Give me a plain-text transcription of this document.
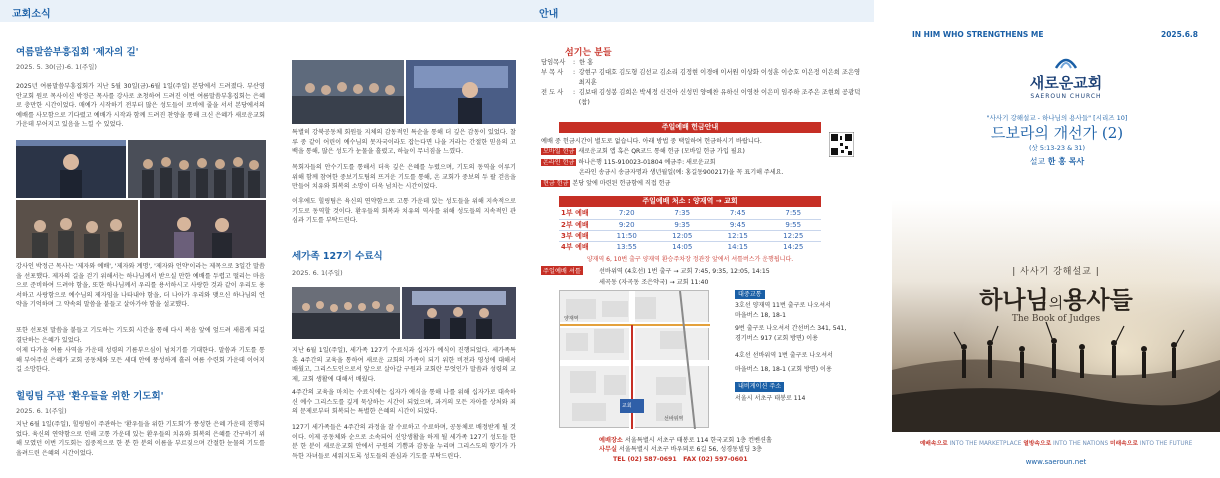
교회소식
여름말씀부흥집회 '제자의 길'
2025. 5. 30(금)-6. 1(주일)
2025년 여름말씀부흥집회가 지난 5월 30일(금)-6월 1일(주일) 본당에서 드려졌다. 부산영안교회 원로 목사이신 박정근 목사를 강사로 초청하여 드려진 이번 여름말씀부흥집회는 은혜로 충만한 시간이었다. 매예가 시작하기 전부터 많은 성도들이 로비에 줄을 서서 본당에서의 예배를 사모함으로 기다렸고 예배가 시작과 함께 드려진 찬양을 통해 크신 은혜가 새로운교회 가운데 부어지고 있음을 느낄 수 있었다.
강사인 박정근 목사는 '제자와 예배', '제자와 계명', '제자와 언약'이라는 제목으로 3일간 말씀을 선포했다. 제자의 길을 걷기 위해서는 하나님께서 받으실 만한 예배를 두렵고 떨리는 마음으로 준비하여 드려야 함을, 또한 하나님께서 우리를 용서하시고 사랑한 것과 같이 우리도 용서하고 사랑함으로 예수님의 제자임을 나타내야 함을, 더 나아가 우리와 맺으신 하나님의 언약을 기억하며 그 약속의 말씀을 붙들고 살아가야 함을 설교했다.
또한 선포된 말씀을 붙들고 기도하는 기도회 시간을 통해 다시 복음 앞에 엎드려 새롭게 되길 결단하는 은혜가 있었다.
이제 다가올 여름 사역을 가운데 성령의 기름부으심이 넘치기를 기대한다. 말씀과 기도를 통해 부어주신 은혜가 교회 공동체와 모든 세대 안에 풍성하게 흘러 여름 수련회 가운데 이어지길 소망한다.
힐링팀 주관 '환우들을 위한 기도회'
2025. 6. 1(주일)
지난 6월 1일(주일), 힐링팀이 주관하는 '환우들을 위한 기도회'가 풍성한 은혜 가운데 진행되었다. 육신의 연약함으로 인해 고통 가운데 있는 환우들의 치유와 회복의 은혜를 간구하기 위해 모였던 이번 기도회는 집중적으로 한 분 한 분의 이름을 부르짖으며 간절한 눈물의 기도를 올려드린 은혜의 시간이었다.
특별히 강북공동체 회원들 지체의 감동적인 특순을 통해 더 깊은 감동이 있었다. 찰루 중 같이 어린이 예수님의 못자국이라도 잡는다면 나을 거라는 간절한 믿음의 고백을 통해, 많은 성도가 눈물을 흘렸고, 하늘이 무너짐을 느꼈다.
목회자들의 안수기도를 통해서 더욱 깊은 은혜를 누렸으며, 기도의 동역을 이루기 위해 함께 참여한 중보기도팀의 뜨거운 기도를 통해, 온 교회가 중보의 두 팔 걷음을 만들어 치유와 회복의 소망이 더욱 넘치는 시간이었다.
이후에도 힐링팀은 육신의 연약함으로 고통 가운데 있는 성도들을 위해 지속적으로 기도로 동역할 것이다. 환우들의 회복과 치유의 역사를 위해 성도들의 지속적인 관심과 기도를 부탁드린다.
세가족 127기 수료식
2025. 6. 1(주일)
지난 6월 1일(주일), 세가족 127기 수료식과 십자가 예식이 진행되었다. 세가족특훈 4주간의 교육을 통하여 새로운 교회의 가족이 되기 위한 비전과 영성에 대해서 배웠고, 그리스도인으로서 앞으로 살아갈 구원과 교회란 무엇인가 말씀과 성령의 교제, 교회 생활에 대해서 배웠다.
4주간의 교육을 마치는 수료식에는 십자가 예식을 통해 나를 위해 십자가로 대속하신 예수 그리스도를 깊게 묵상하는 시간이 되었으며, 과거의 모든 자아를 상처와 죄의 문제로부터 회복되는 특별한 은혜의 시간이 되었다.
127기 세가족들은 4주간의 과정을 잘 수료하고 수료하며, 공동체로 배정받게 될 것이다. 이제 공동체와 순으로 소속되어 신앙생활을 하게 될 세가족 127기 성도들 한 분 한 분이 새로운교회 안에서 구원의 기쁨과 감동을 누리며 그리스도의 향기가 가득한 자녀들로 세워지도록 성도들의 관심과 기도를 부탁드린다.
안내
섬기는 분들
담임목사	: 한 홍
부 목 사	: 강현구 김대호 김도형 김선교 김소리 김정현 이경애 이서원 이상화 이성훈 이승호 이은정 이은희 조은영 최지훈
전 도 사	: 김보대 김성봉 김희은 박세정 신건아 신성민 양예찬 유하신 이영찬 이은미 임주하 조주은 조현희 공광덕(참)
주일예배 헌금안내
예배 중 헌금시간이 별도로 없습니다. 아래 방법 중 택일하여 헌금하시기 바랍니다.
모바일 헌금 새로운교회 앱 혹은 QR코드 통해 헌금 (모바일 헌금 가입 필요)
온라인 헌금 하나은행 115-910023-01804 예금주: 새로운교회
온라인 송금시 송금자명과 생년월일(예: 홍길동900217)을 꼭 표기해 주세요.
현금 헌금 본당 앞에 마련된 헌금함에 직접 헌금
주일예배 처소 : 양재역 → 교회
1부 예배	7:20	7:35	7:45	7:55
2부 예배	9:20	9:35	9:45	9:55
3부 예배	11:50	12:05	12:15	12:25
4부 예배	13:55	14:05	14:15	14:25
양재역 6, 10번 출구 양재역 환승주차장 정관장 앞에서 셔틀버스가 운행됩니다.
주일예배 셔틀	선바위역 (4호선) 1번 출구 → 교회 7:45, 9:35, 12:05, 14:15
세곡동 (자곡동 조은약국) → 교회 11:40
양재역
교회
선바위역
대중교통
3호선 양재역 11번 출구로 나오셔서
마을버스 18, 18-1
9번 출구로 나오셔서 간선버스 341, 541,
경기버스 917 (교회 방면) 이용
4호선 선바위역 1번 출구로 나오셔서
마을버스 18, 18-1 (교회 방면) 이용
내비게이션 주소
서울시 서초구 태봉로 114
예배장소 서울특별시 서초구 태봉로 114 한국교회 1층 컨벤션홀
사무실 서울특별시 서초구 바우뫼로 6길 56, 성경동빌딩 3층
TEL (02) 587-0691 FAX (02) 597-0601
IN HIM WHO STRENGTHENS ME	2025.6.8
새로운교회
SAEROUN CHURCH
"사사기 강해설교 - 하나님의 용사들" [시리즈 10]
드보라의 개선가 (2)
(삿 5:13-23 & 31)
설교 한 홍 목사
| 사사기 강해설교 |
하나님의용사들
The Book of Judges
예배속으로 INTO THE MARKETPLACE 열방속으로 INTO THE NATIONS 미래속으로 INTO THE FUTURE
www.saeroun.net
